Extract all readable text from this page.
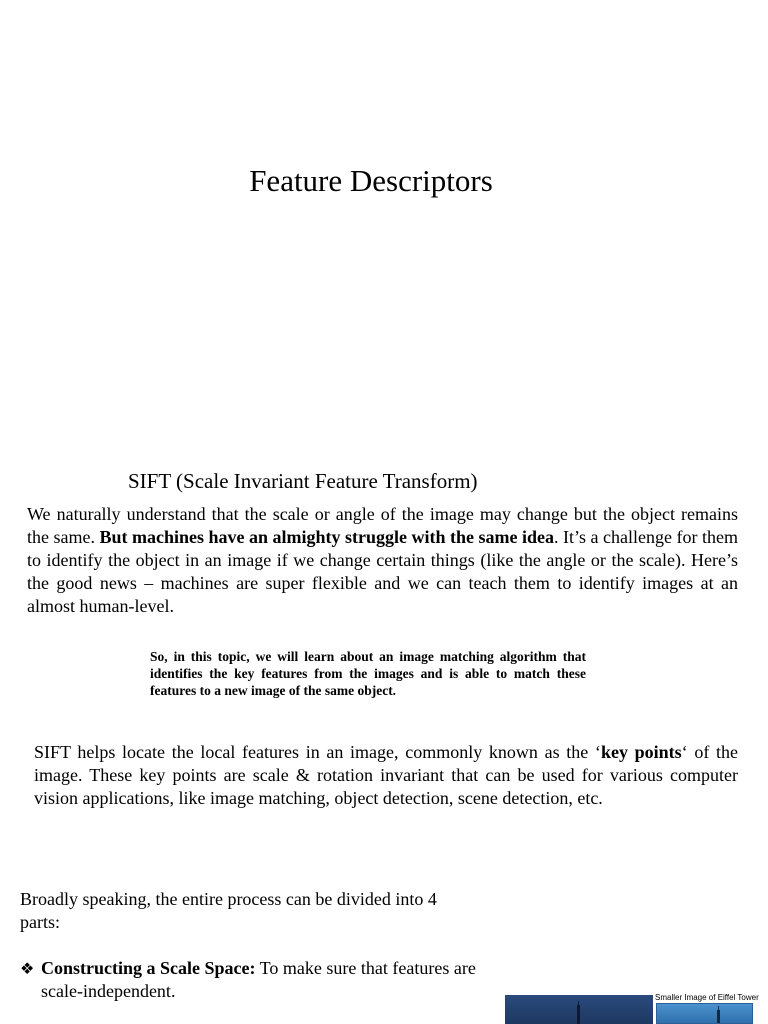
Feature Descriptors
SIFT (Scale Invariant Feature Transform)
We naturally understand that the scale or angle of the image may change but the object remains the same. But machines have an almighty struggle with the same idea. It’s a challenge for them to identify the object in an image if we change certain things (like the angle or the scale). Here’s the good news – machines are super flexible and we can teach them to identify images at an almost human-level.
So, in this topic, we will learn about an image matching algorithm that identifies the key features from the images and is able to match these features to a new image of the same object.
SIFT helps locate the local features in an image, commonly known as the ‘key points‘ of the image. These key points are scale & rotation invariant that can be used for various computer vision applications, like image matching, object detection, scene detection, etc.
Broadly speaking, the entire process can be divided into 4 parts:
❖ Constructing a Scale Space: To make sure that features are scale-independent.	Smaller Image of Eiffel Tower
